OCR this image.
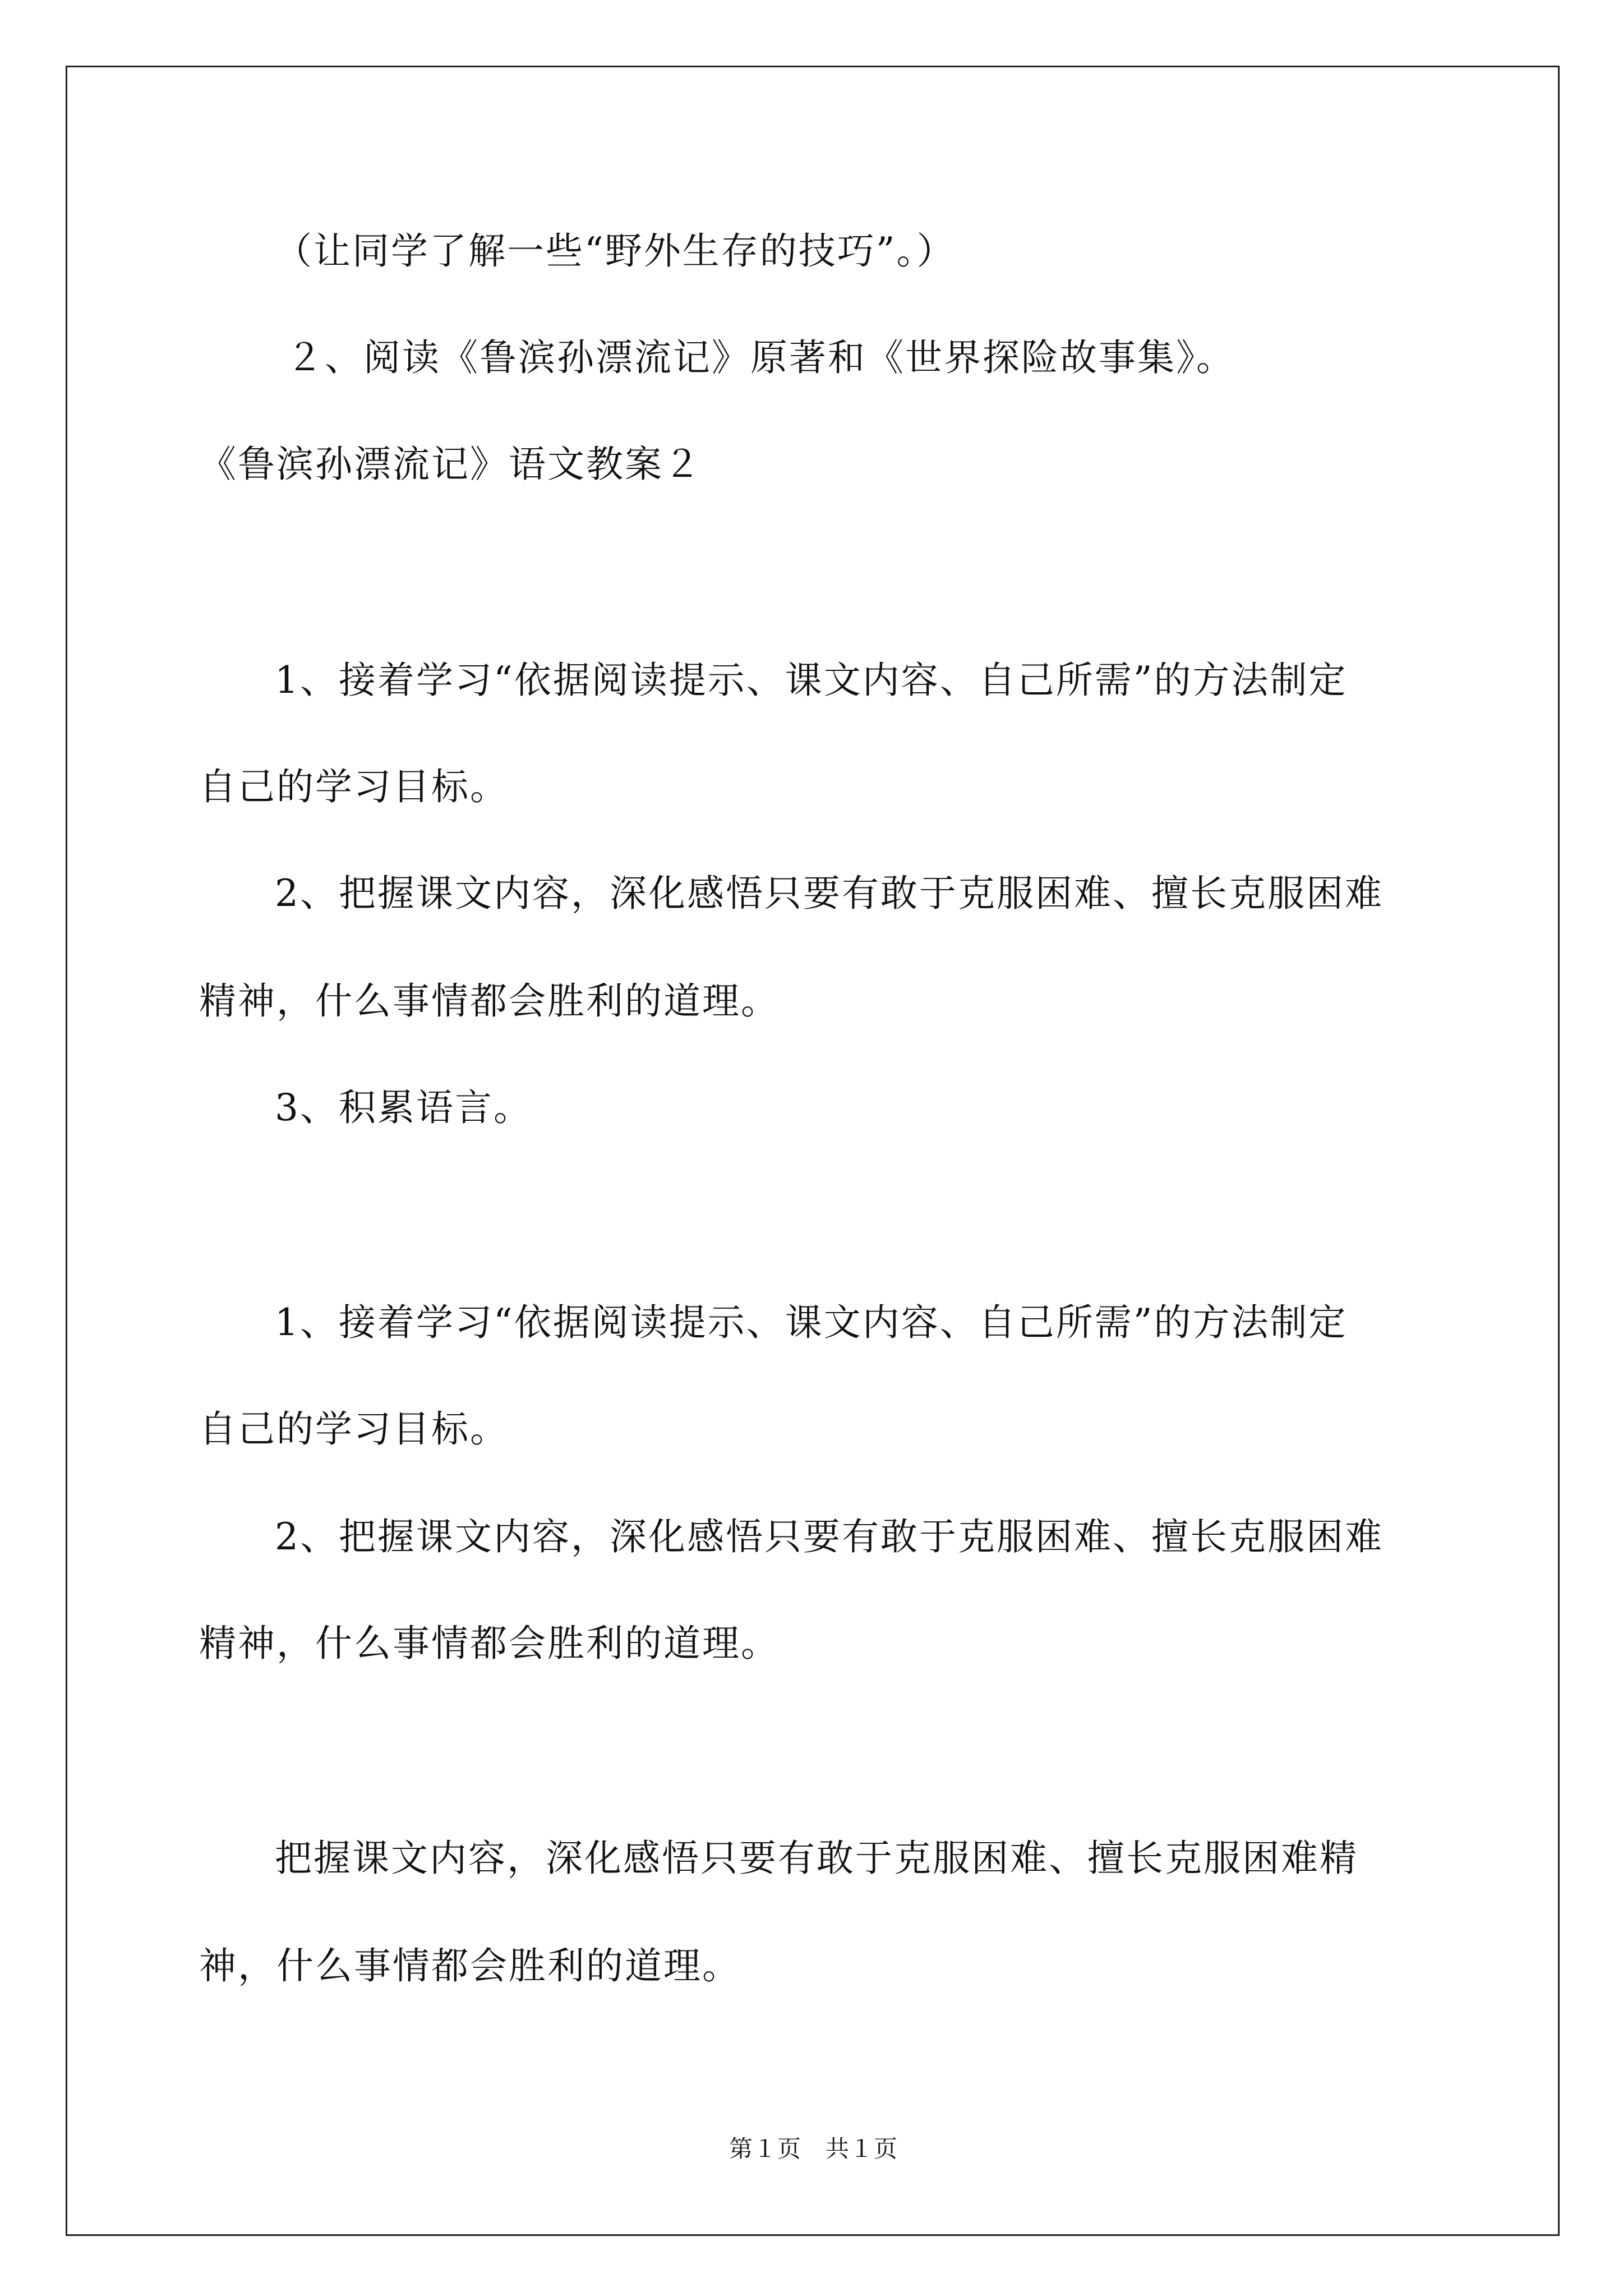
（让同学了解一些“野外生存的技巧”。）
２、阅读《鲁滨孙漂流记》原著和《世界探险故事集》。
《鲁滨孙漂流记》语文教案２
1、接着学习“依据阅读提示、课文内容、自己所需”的方法制定
自己的学习目标。
2、把握课文内容，深化感悟只要有敢于克服困难、擅长克服困难
精神，什么事情都会胜利的道理。
3、积累语言。
1、接着学习“依据阅读提示、课文内容、自己所需”的方法制定
自己的学习目标。
2、把握课文内容，深化感悟只要有敢于克服困难、擅长克服困难
精神，什么事情都会胜利的道理。
把握课文内容，深化感悟只要有敢于克服困难、擅长克服困难精
神，什么事情都会胜利的道理。
第１页　共１页
